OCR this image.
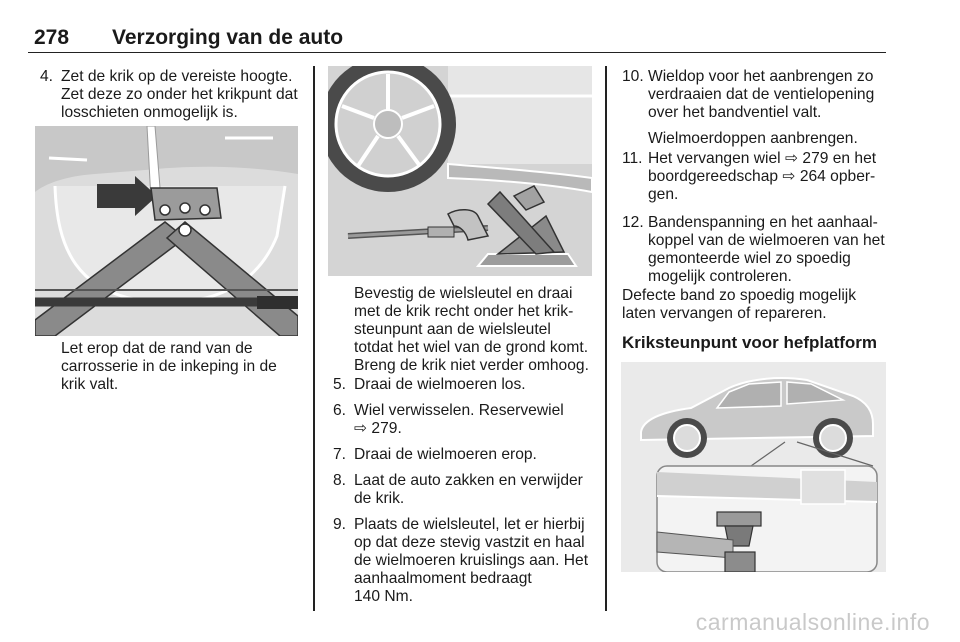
278 Verzorging van de auto
4. Zet de krik op de vereiste hoogte.
Zet deze zo onder het krikpunt dat
losschieten onmogelijk is.
Let erop dat de rand van de
carrosserie in de inkeping in de
krik valt.
Bevestig de wielsleutel en draai
met de krik recht onder het krik-
steunpunt aan de wielsleutel
totdat het wiel van de grond komt.
Breng de krik niet verder omhoog.
5. Draai de wielmoeren los.
6. Wiel verwisselen. Reservewiel
⇨ 279.
7. Draai de wielmoeren erop.
8. Laat de auto zakken en verwijder
de krik.
9. Plaats de wielsleutel, let er hierbij
op dat deze stevig vastzit en haal
de wielmoeren kruislings aan. Het
aanhaalmoment bedraagt
140 Nm.
10. Wieldop voor het aanbrengen zo
verdraaien dat de ventielopening
over het bandventiel valt.
Wielmoerdoppen aanbrengen.
11. Het vervangen wiel ⇨ 279 en het
boordgereedschap ⇨ 264 opber-
gen.
12. Bandenspanning en het aanhaal-
koppel van de wielmoeren van het
gemonteerde wiel zo spoedig
mogelijk controleren.
Defecte band zo spoedig mogelijk
laten vervangen of repareren.
Kriksteunpunt voor hefplatform
carmanualsonline.info
